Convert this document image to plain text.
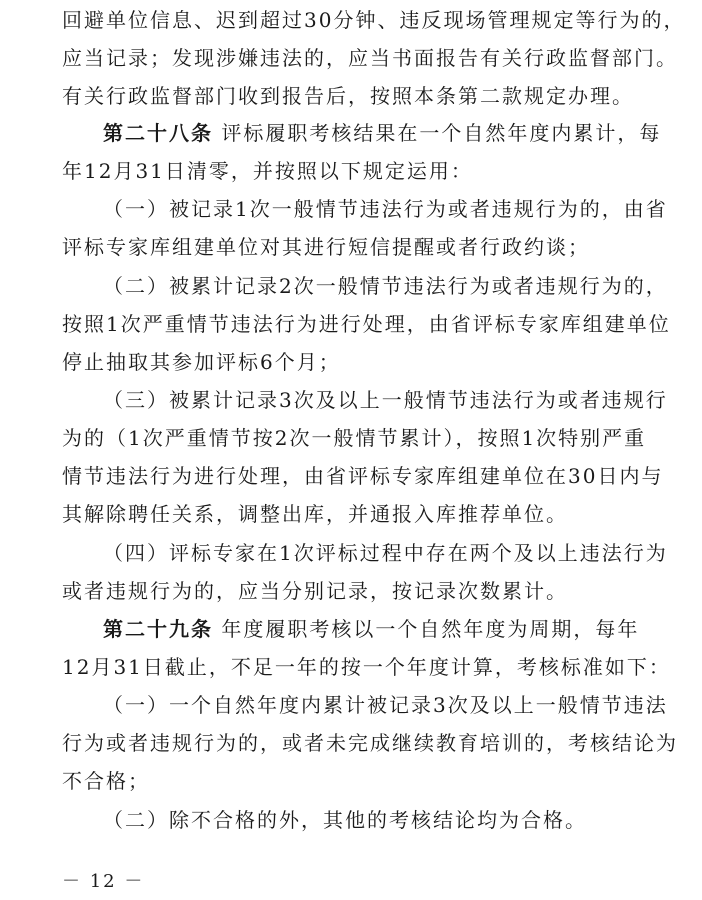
回避单位信息、迟到超过30分钟、违反现场管理规定等行为的，
应当记录；发现涉嫌违法的，应当书面报告有关行政监督部门。
有关行政监督部门收到报告后，按照本条第二款规定办理。
第二十八条 评标履职考核结果在一个自然年度内累计，每
年12月31日清零，并按照以下规定运用：
（一）被记录1次一般情节违法行为或者违规行为的，由省
评标专家库组建单位对其进行短信提醒或者行政约谈；
（二）被累计记录2次一般情节违法行为或者违规行为的，
按照1次严重情节违法行为进行处理，由省评标专家库组建单位
停止抽取其参加评标6个月；
（三）被累计记录3次及以上一般情节违法行为或者违规行
为的（1次严重情节按2次一般情节累计），按照1次特别严重
情节违法行为进行处理，由省评标专家库组建单位在30日内与
其解除聘任关系，调整出库，并通报入库推荐单位。
（四）评标专家在1次评标过程中存在两个及以上违法行为
或者违规行为的，应当分别记录，按记录次数累计。
第二十九条 年度履职考核以一个自然年度为周期，每年
12月31日截止，不足一年的按一个年度计算，考核标准如下：
（一）一个自然年度内累计被记录3次及以上一般情节违法
行为或者违规行为的，或者未完成继续教育培训的，考核结论为
不合格；
（二）除不合格的外，其他的考核结论均为合格。
－ 12 －
